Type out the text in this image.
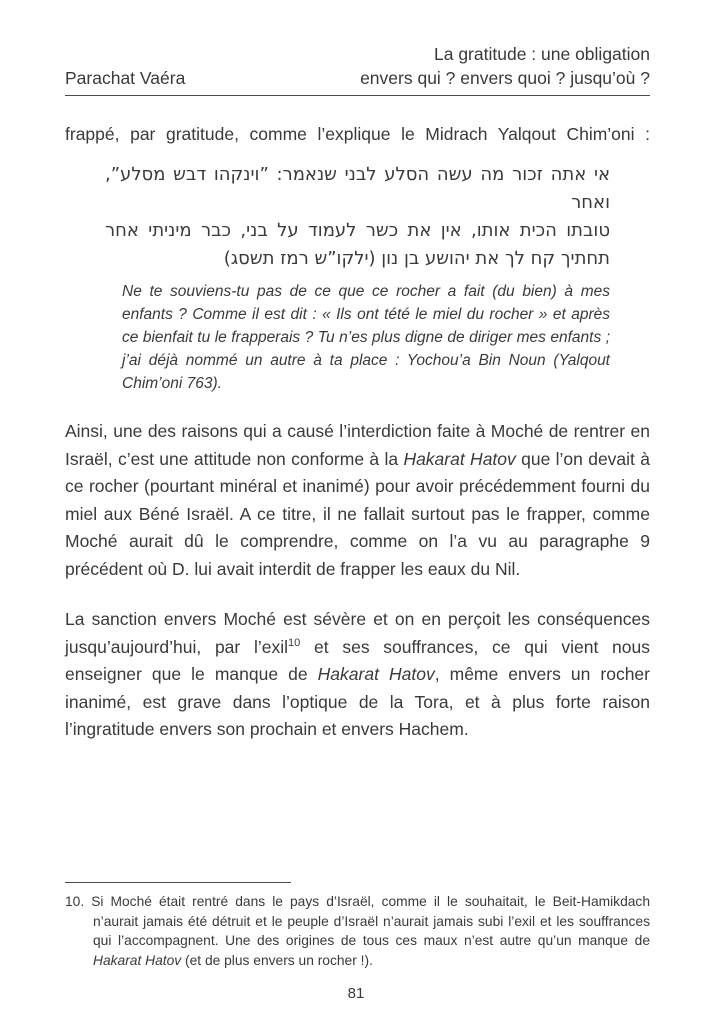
La gratitude : une obligation
Parachat Vaéra	envers qui ? envers quoi ? jusqu’où ?
frappé, par gratitude, comme l’explique le Midrach Yalqout Chim’oni :
אי אתה זכור מה עשה הסלע לבני שנאמר: ”וינקהו דבש מסלע”, ואחר
טובתו הכית אותו, אין את כשר לעמוד על בני, כבר מיניתי אחר
תחתיך קח לך את יהושע בן נון (ילקו”ש רמז תשסג)
Ne te souviens-tu pas de ce que ce rocher a fait (du bien) à mes enfants ? Comme il est dit : « Ils ont tété le miel du rocher » et après ce bienfait tu le frapperais ? Tu n’es plus digne de diriger mes enfants ; j’ai déjà nommé un autre à ta place : Yochou’a Bin Noun (Yalqout Chim’oni 763).

Ainsi, une des raisons qui a causé l’interdiction faite à Moché de rentrer en Israël, c’est une attitude non conforme à la Hakarat Hatov que l’on devait à ce rocher (pourtant minéral et inanimé) pour avoir précédemment fourni du miel aux Béné Israël. A ce titre, il ne fallait surtout pas le frapper, comme Moché aurait dû le comprendre, comme on l’a vu au paragraphe 9 précédent où D. lui avait interdit de frapper les eaux du Nil.

La sanction envers Moché est sévère et on en perçoit les conséquences jusqu’aujourd’hui, par l’exil$^{10}$ et ses souffrances, ce qui vient nous enseigner que le manque de Hakarat Hatov, même envers un rocher inanimé, est grave dans l’optique de la Tora, et à plus forte raison l’ingratitude envers son prochain et envers Hachem.

10. Si Moché était rentré dans le pays d’Israël, comme il le souhaitait, le Beit-Hamikdach n’aurait jamais été détruit et le peuple d’Israël n’aurait jamais subi l’exil et les souffrances qui l’accompagnent. Une des origines de tous ces maux n’est autre qu’un manque de Hakarat Hatov (et de plus envers un rocher !).
81
